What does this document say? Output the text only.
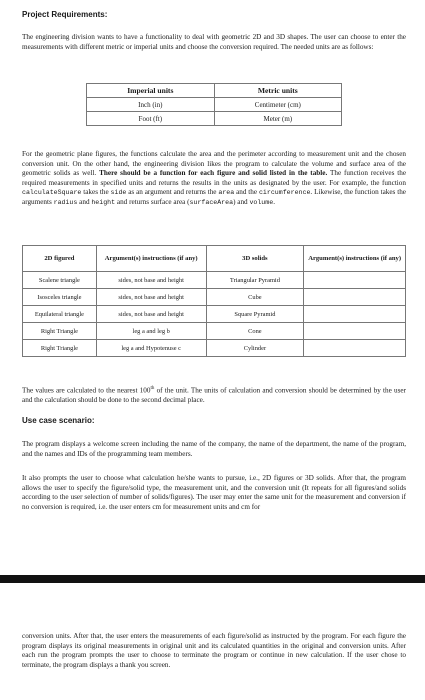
Project Requirements:
The engineering division wants to have a functionality to deal with geometric 2D and 3D shapes. The user can choose to enter the measurements with different metric or imperial units and choose the conversion required. The needed units are as follows:
Imperial units	Metric units
Inch (in)	Centimeter (cm)
Foot (ft)	Meter (m)
For the geometric plane figures, the functions calculate the area and the perimeter according to measurement unit and the chosen conversion unit. On the other hand, the engineering division likes the program to calculate the volume and surface area of the geometric solids as well. There should be a function for each figure and solid listed in the table. The function receives the required measurements in specified units and returns the results in the units as designated by the user. For example, the function calculateSquare takes the side as an argument and returns the area and the circumference. Likewise, the function takes the arguments radius and height and returns surface area (surfaceArea) and volume.
2D figured	Argument(s) instructions (if any)	3D solids	Argument(s) instructions (if any)
Scalene triangle	sides, not base and height	Triangular Pyramid	
Isosceles triangle	sides, not base and height	Cube	
Equilateral triangle	sides, not base and height	Square Pyramid	
Right Triangle	leg a and leg b	Cone	
Right Triangle	leg a and Hypotenuse c	Cylinder	
The values are calculated to the nearest 100th of the unit. The units of calculation and conversion should be determined by the user and the calculation should be done to the second decimal place.
Use case scenario:
The program displays a welcome screen including the name of the company, the name of the department, the name of the program, and the names and IDs of the programming team members.
It also prompts the user to choose what calculation he/she wants to pursue, i.e., 2D figures or 3D solids. After that, the program allows the user to specify the figure/solid type, the measurement unit, and the conversion unit (It repeats for all figures/and solids according to the user selection of number of solids/figures). The user may enter the same unit for the measurement and conversion if no conversion is required, i.e. the user enters cm for measurement units and cm for
conversion units. After that, the user enters the measurements of each figure/solid as instructed by the program. For each figure the program displays its original measurements in original unit and its calculated quantities in the original and conversion units. After each run the program prompts the user to choose to terminate the program or continue in new calculation. If the user chose to terminate, the program displays a thank you screen.
